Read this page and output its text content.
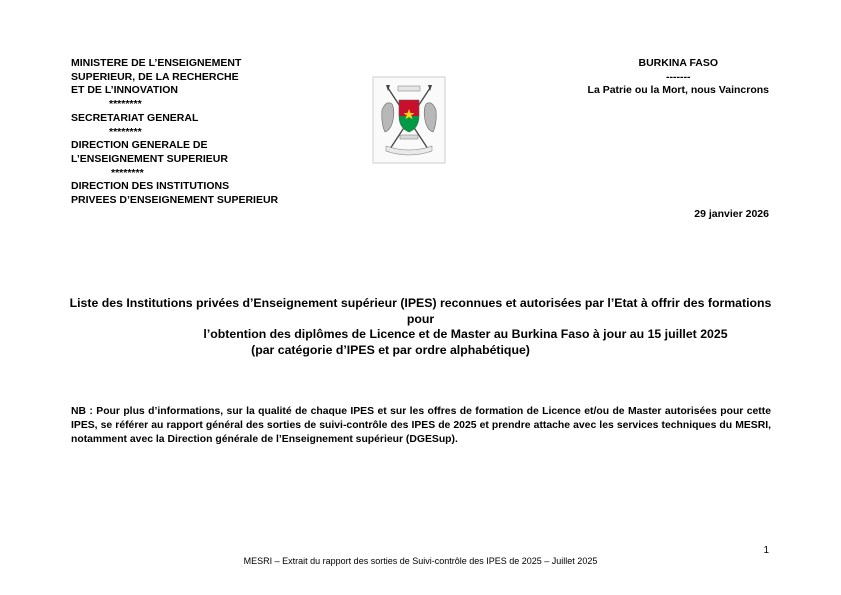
MINISTERE DE L’ENSEIGNEMENT
SUPERIEUR, DE LA RECHERCHE
ET DE L’INNOVATION
********
SECRETARIAT GENERAL
********
DIRECTION GENERALE DE
L’ENSEIGNEMENT SUPERIEUR
********
DIRECTION DES INSTITUTIONS
PRIVEES D’ENSEIGNEMENT SUPERIEUR
BURKINA FASO
-------
La Patrie ou la Mort, nous Vaincrons
29 janvier 2026
Liste des Institutions privées d’Enseignement supérieur (IPES) reconnues et autorisées par l’Etat à offrir des formations pour
l’obtention des diplômes de Licence et de Master au Burkina Faso à jour au 15 juillet 2025
(par catégorie d’IPES et par ordre alphabétique)
NB : Pour plus d’informations, sur la qualité de chaque IPES et sur les offres de formation de Licence et/ou de Master autorisées pour cette IPES, se référer au rapport général des sorties de suivi-contrôle des IPES de 2025 et prendre attache avec les services techniques du MESRI, notamment avec la Direction générale de l’Enseignement supérieur (DGESup).
1
MESRI – Extrait du rapport des sorties de Suivi-contrôle des IPES de 2025 – Juillet 2025
